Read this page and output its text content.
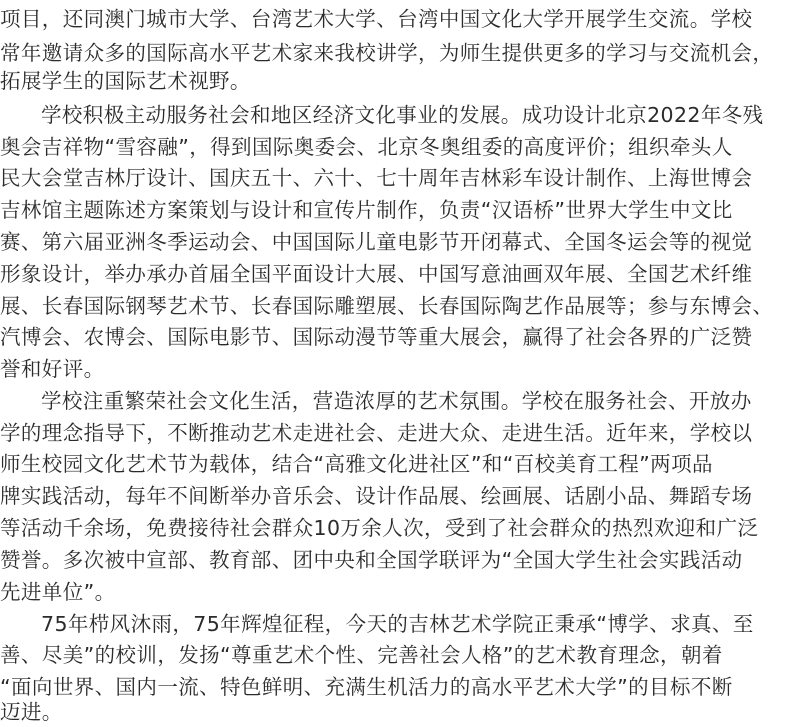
项目，还同澳门城市大学、台湾艺术大学、台湾中国文化大学开展学生交流。学校
常年邀请众多的国际高水平艺术家来我校讲学，为师生提供更多的学习与交流机会，
拓展学生的国际艺术视野。
学校积极主动服务社会和地区经济文化事业的发展。成功设计北京2022年冬残
奥会吉祥物“雪容融”，得到国际奥委会、北京冬奥组委的高度评价；组织牵头人
民大会堂吉林厅设计、国庆五十、六十、七十周年吉林彩车设计制作、上海世博会
吉林馆主题陈述方案策划与设计和宣传片制作，负责“汉语桥”世界大学生中文比
赛、第六届亚洲冬季运动会、中国国际儿童电影节开闭幕式、全国冬运会等的视觉
形象设计，举办承办首届全国平面设计大展、中国写意油画双年展、全国艺术纤维
展、长春国际钢琴艺术节、长春国际雕塑展、长春国际陶艺作品展等；参与东博会、
汽博会、农博会、国际电影节、国际动漫节等重大展会，赢得了社会各界的广泛赞
誉和好评。
学校注重繁荣社会文化生活，营造浓厚的艺术氛围。学校在服务社会、开放办
学的理念指导下，不断推动艺术走进社会、走进大众、走进生活。近年来，学校以
师生校园文化艺术节为载体，结合“高雅文化进社区”和“百校美育工程”两项品
牌实践活动，每年不间断举办音乐会、设计作品展、绘画展、话剧小品、舞蹈专场
等活动千余场，免费接待社会群众10万余人次，受到了社会群众的热烈欢迎和广泛
赞誉。多次被中宣部、教育部、团中央和全国学联评为“全国大学生社会实践活动
先进单位”。
75年栉风沐雨，75年辉煌征程，今天的吉林艺术学院正秉承“博学、求真、至
善、尽美”的校训，发扬“尊重艺术个性、完善社会人格”的艺术教育理念，朝着
“面向世界、国内一流、特色鲜明、充满生机活力的高水平艺术大学”的目标不断
迈进。
